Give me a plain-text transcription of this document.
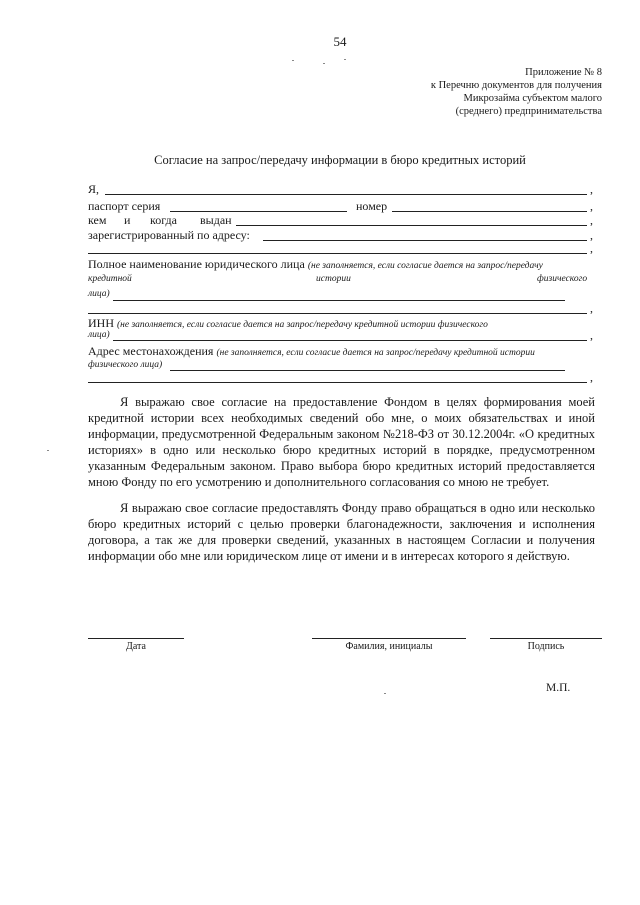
54
Приложение № 8
к Перечню документов для получения
Микрозайма субъектом малого
(среднего) предпринимательства
Согласие на запрос/передачу информации в бюро кредитных историй
Я,	,
паспорт серия	номер	,
кем и когда выдан	,
зарегистрированный по адресу:	,
,
Полное наименование юридического лица (не заполняется, если согласие дается на запрос/передачу
кредитной	истории	физического
лица)
,
ИНН (не заполняется, если согласие дается на запрос/передачу кредитной истории физического
лица)	,
Адрес местонахождения (не заполняется, если согласие дается на запрос/передачу кредитной истории
физического лица)
,
Я выражаю свое согласие на предоставление Фондом в целях формирования моей кредитной истории всех необходимых сведений обо мне, о моих обязательствах и иной информации, предусмотренной Федеральным законом №218-ФЗ от 30.12.2004г. «О кредитных историях» в одно или несколько бюро кредитных историй в порядке, предусмотренном указанным Федеральным законом. Право выбора бюро кредитных историй предоставляется мною Фонду по его усмотрению и дополнительного согласования со мною не требует.
Я выражаю свое согласие предоставлять Фонду право обращаться в одно или несколько бюро кредитных историй с целью проверки благонадежности, заключения и исполнения договора, а так же для проверки сведений, указанных в настоящем Согласии и получения информации обо мне или юридическом лице от имени и в интересах которого я действую.
Дата	Фамилия, инициалы	Подпись
М.П.
